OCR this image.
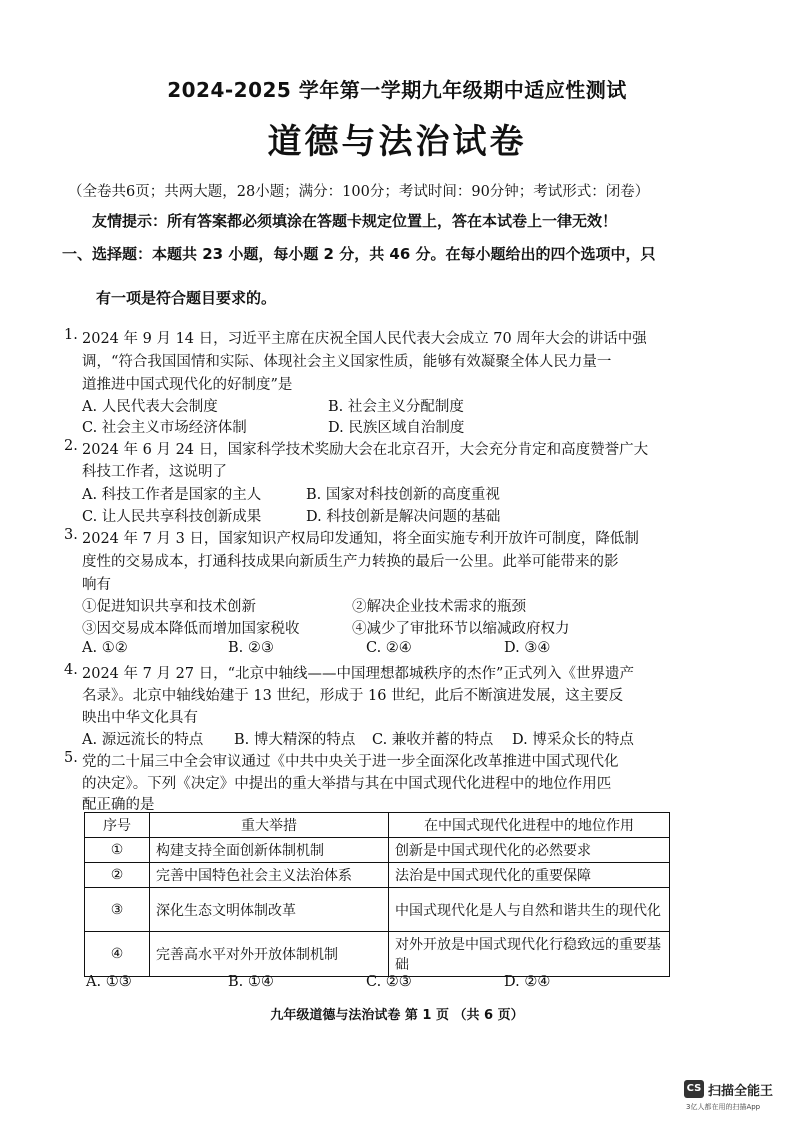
2024-2025 学年第一学期九年级期中适应性测试
道德与法治试卷
（全卷共6页；共两大题，28小题；满分：100分；考试时间：90分钟；考试形式：闭卷）
友情提示：所有答案都必须填涂在答题卡规定位置上，答在本试卷上一律无效！
一、选择题：本题共 23 小题，每小题 2 分，共 46 分。在每小题给出的四个选项中，只
有一项是符合题目要求的。
1. 2024 年 9 月 14 日，习近平主席在庆祝全国人民代表大会成立 70 周年大会的讲话中强
调，“符合我国国情和实际、体现社会主义国家性质，能够有效凝聚全体人民力量一
道推进中国式现代化的好制度”是
A. 人民代表大会制度	B. 社会主义分配制度
C. 社会主义市场经济体制	D. 民族区域自治制度
2. 2024 年 6 月 24 日，国家科学技术奖励大会在北京召开，大会充分肯定和高度赞誉广大
科技工作者，这说明了
A. 科技工作者是国家的主人	B. 国家对科技创新的高度重视
C. 让人民共享科技创新成果	D. 科技创新是解决问题的基础
3. 2024 年 7 月 3 日，国家知识产权局印发通知，将全面实施专利开放许可制度，降低制
度性的交易成本，打通科技成果向新质生产力转换的最后一公里。此举可能带来的影
响有
①促进知识共享和技术创新	②解决企业技术需求的瓶颈
③因交易成本降低而增加国家税收	④减少了审批环节以缩减政府权力
A. ①②	B. ②③	C. ②④	D. ③④
4. 2024 年 7 月 27 日，“北京中轴线——中国理想都城秩序的杰作”正式列入《世界遗产
名录》。北京中轴线始建于 13 世纪，形成于 16 世纪，此后不断演进发展，这主要反
映出中华文化具有
A. 源远流长的特点 B. 博大精深的特点 C. 兼收并蓄的特点 D. 博采众长的特点
5. 党的二十届三中全会审议通过《中共中央关于进一步全面深化改革推进中国式现代化
的决定》。下列《决定》中提出的重大举措与其在中国式现代化进程中的地位作用匹
配正确的是
序号	重大举措	在中国式现代化进程中的地位作用
①	构建支持全面创新体制机制	创新是中国式现代化的必然要求
②	完善中国特色社会主义法治体系	法治是中国式现代化的重要保障
③	深化生态文明体制改革	中国式现代化是人与自然和谐共生的现代化
④	完善高水平对外开放体制机制	对外开放是中国式现代化行稳致远的重要基础
A. ①③	B. ①④	C. ②③	D. ②④
九年级道德与法治试卷 第 1 页 （共 6 页）
CS 扫描全能王
3亿人都在用的扫描App
